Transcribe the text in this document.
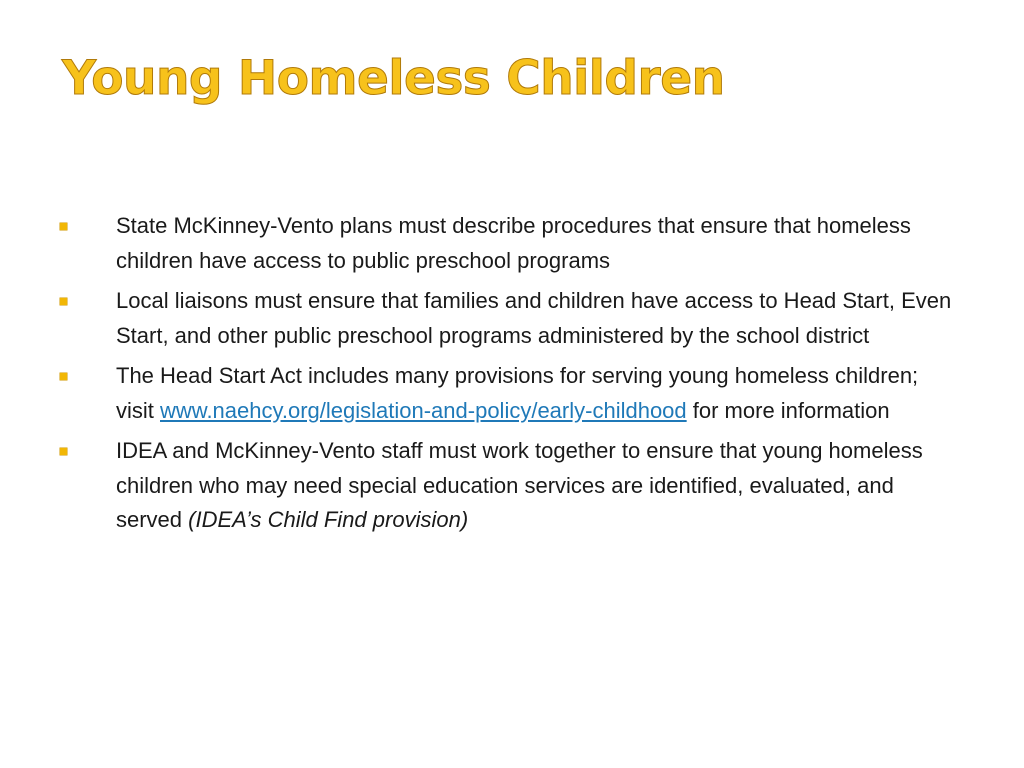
Young Homeless Children
State McKinney-Vento plans must describe procedures that ensure that homeless children have access to public preschool programs
Local liaisons must ensure that families and children have access to Head Start, Even Start, and other public preschool programs administered by the school district
The Head Start Act includes many provisions for serving young homeless children; visit www.naehcy.org/legislation-and-policy/early-childhood for more information
IDEA and McKinney-Vento staff must work together to ensure that young homeless children who may need special education services are identified, evaluated, and served (IDEA’s Child Find provision)
